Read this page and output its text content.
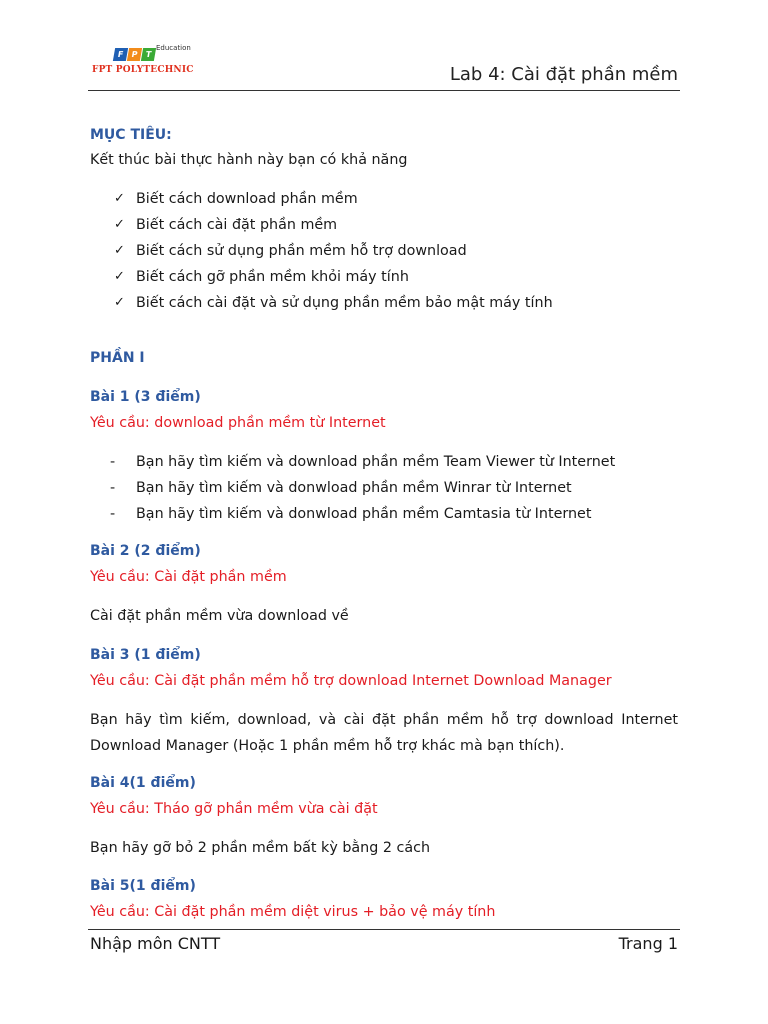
F P T
Education
FPT POLYTECHNIC	Lab 4: Cài đặt phần mềm
MỤC TIÊU:
Kết thúc bài thực hành này bạn có khả năng
✓ Biết cách download phần mềm
✓ Biết cách cài đặt phần mềm
✓ Biết cách sử dụng phần mềm hỗ trợ download
✓ Biết cách gỡ phần mềm khỏi máy tính
✓ Biết cách cài đặt và sử dụng phần mềm bảo mật máy tính
PHẦN I
Bài 1 (3 điểm)
Yêu cầu: download phần mềm từ Internet
- Bạn hãy tìm kiếm và download phần mềm Team Viewer từ Internet
- Bạn hãy tìm kiếm và donwload phần mềm Winrar từ Internet
- Bạn hãy tìm kiếm và donwload phần mềm Camtasia từ Internet
Bài 2 (2 điểm)
Yêu cầu: Cài đặt phần mềm
Cài đặt phần mềm vừa download về
Bài 3 (1 điểm)
Yêu cầu: Cài đặt phần mềm hỗ trợ download Internet Download Manager
Bạn hãy tìm kiếm, download, và cài đặt phần mềm hỗ trợ download Internet Download Manager (Hoặc 1 phần mềm hỗ trợ khác mà bạn thích).
Bài 4(1 điểm)
Yêu cầu: Tháo gỡ phần mềm vừa cài đặt
Bạn hãy gỡ bỏ 2 phần mềm bất kỳ bằng 2 cách
Bài 5(1 điểm)
Yêu cầu: Cài đặt phần mềm diệt virus + bảo vệ máy tính
Nhập môn CNTT	Trang 1
